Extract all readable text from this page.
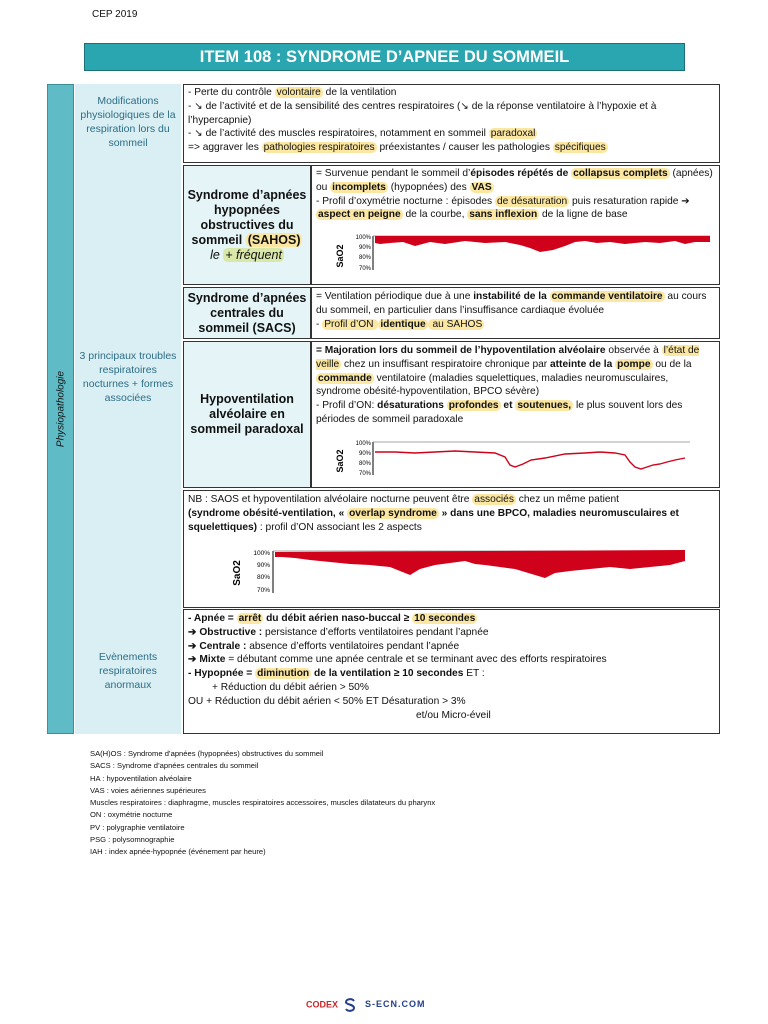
CEP 2019
ITEM 108 : SYNDROME D’APNEE DU SOMMEIL
Physiopathologie
Modifications physiologiques de la respiration lors du sommeil
3 principaux troubles respiratoires nocturnes + formes associées
Evènements respiratoires anormaux
- Perte du contrôle volontaire de la ventilation
- ↘ de l’activité et de la sensibilité des centres respiratoires (↘ de la réponse ventilatoire à l’hypoxie et à l’hypercapnie)
- ↘ de l’activité des muscles respiratoires, notamment en sommeil paradoxal
=> aggraver les pathologies respiratoires préexistantes / causer les pathologies spécifiques
Syndrome d’apnées hypopnées obstructives du sommeil (SAHOS)
le + fréquent
= Survenue pendant le sommeil d’épisodes répétés de collapsus complets (apnées) ou incomplets (hypopnées) des VAS
- Profil d’oxymétrie nocturne : épisodes de désaturation puis resaturation rapide ➔ aspect en peigne de la courbe, sans inflexion de la ligne de base
SaO2
100%
90%
80%
70%
Syndrome d’apnées centrales du sommeil (SACS)
= Ventilation périodique due à une instabilité de la commande ventilatoire au cours du sommeil, en particulier dans l’insuffisance cardiaque évoluée
- Profil d’ON identique au SAHOS
Hypoventilation alvéolaire en sommeil paradoxal
= Majoration lors du sommeil de l’hypoventilation alvéolaire observée à l’état de veille chez un insuffisant respiratoire chronique par atteinte de la pompe ou de la commande ventilatoire (maladies squelettiques, maladies neuromusculaires, syndrome obésité-hypoventilation, BPCO sévère)
- Profil d’ON: désaturations profondes et soutenues, le plus souvent lors des périodes de sommeil paradoxale
SaO2
100%
90%
80%
70%
NB : SAOS et hypoventilation alvéolaire nocturne peuvent être associés chez un même patient
(syndrome obésité-ventilation, « overlap syndrome » dans une BPCO, maladies neuromusculaires et squelettiques) : profil d’ON associant les 2 aspects
SaO2
100%
90%
80%
70%
- Apnée = arrêt du débit aérien naso-buccal ≥ 10 secondes
➔ Obstructive : persistance d’efforts ventilatoires pendant l’apnée
➔ Centrale : absence d’efforts ventilatoires pendant l’apnée
➔ Mixte = débutant comme une apnée centrale et se terminant avec des efforts respiratoires
- Hypopnée = diminution de la ventilation ≥ 10 secondes ET :
+ Réduction du débit aérien > 50%
OU + Réduction du débit aérien < 50% ET Désaturation > 3%
et/ou Micro-éveil
SA(H)OS : Syndrome d’apnées (hypopnées) obstructives du sommeil
SACS : Syndrome d’apnées centrales du sommeil
HA : hypoventilation alvéolaire
VAS : voies aériennes supérieures
Muscles respiratoires : diaphragme, muscles respiratoires accessoires, muscles dilatateurs du pharynx
ON : oxymétrie nocturne
PV : polygraphie ventilatoire
PSG : polysomnographie
IAH : index apnée-hypopnée (événement par heure)
CODEX	S-ECN.COM
